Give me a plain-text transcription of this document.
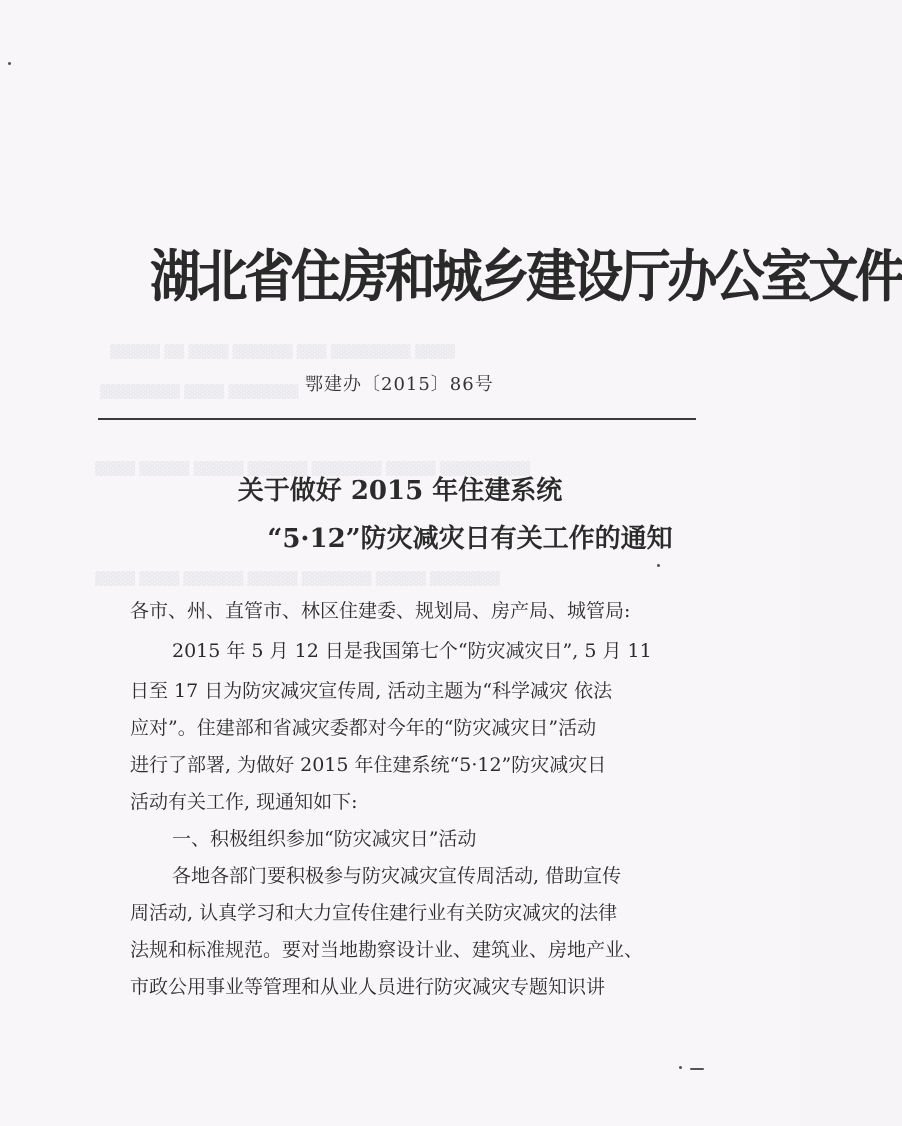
▓▓▓▓▓ ▓▓ ▓▓▓▓ ▓▓▓▓▓▓ ▓▓▓ ▓▓▓▓▓▓▓▓ ▓▓▓▓
▓▓▓▓▓▓▓▓ ▓▓▓▓ ▓▓▓▓▓▓▓
▓▓▓▓ ▓▓▓▓▓ ▓▓▓▓▓ ▓▓▓▓▓▓ ▓▓▓▓▓▓▓ ▓▓▓▓▓ ▓▓▓▓▓▓▓▓▓
▓▓▓▓ ▓▓▓▓ ▓▓▓▓▓▓ ▓▓▓▓▓ ▓▓▓▓▓▓▓ ▓▓▓▓▓ ▓▓▓▓▓▓▓
湖北省住房和城乡建设厅办公室文件
鄂建办〔2015〕86号
关于做好 2015 年住建系统
“5·12”防灾减灾日有关工作的通知
各市、州、直管市、林区住建委、规划局、房产局、城管局:
2015 年 5 月 12 日是我国第七个“防灾减灾日”, 5 月 11
日至 17 日为防灾减灾宣传周, 活动主题为“科学减灾 依法
应对”。住建部和省减灾委都对今年的“防灾减灾日”活动
进行了部署, 为做好 2015 年住建系统“5·12”防灾减灾日
活动有关工作, 现通知如下:
一、积极组织参加“防灾减灾日”活动
各地各部门要积极参与防灾减灾宣传周活动, 借助宣传
周活动, 认真学习和大力宣传住建行业有关防灾减灾的法律
法规和标准规范。要对当地勘察设计业、建筑业、房地产业、
市政公用事业等管理和从业人员进行防灾减灾专题知识讲
